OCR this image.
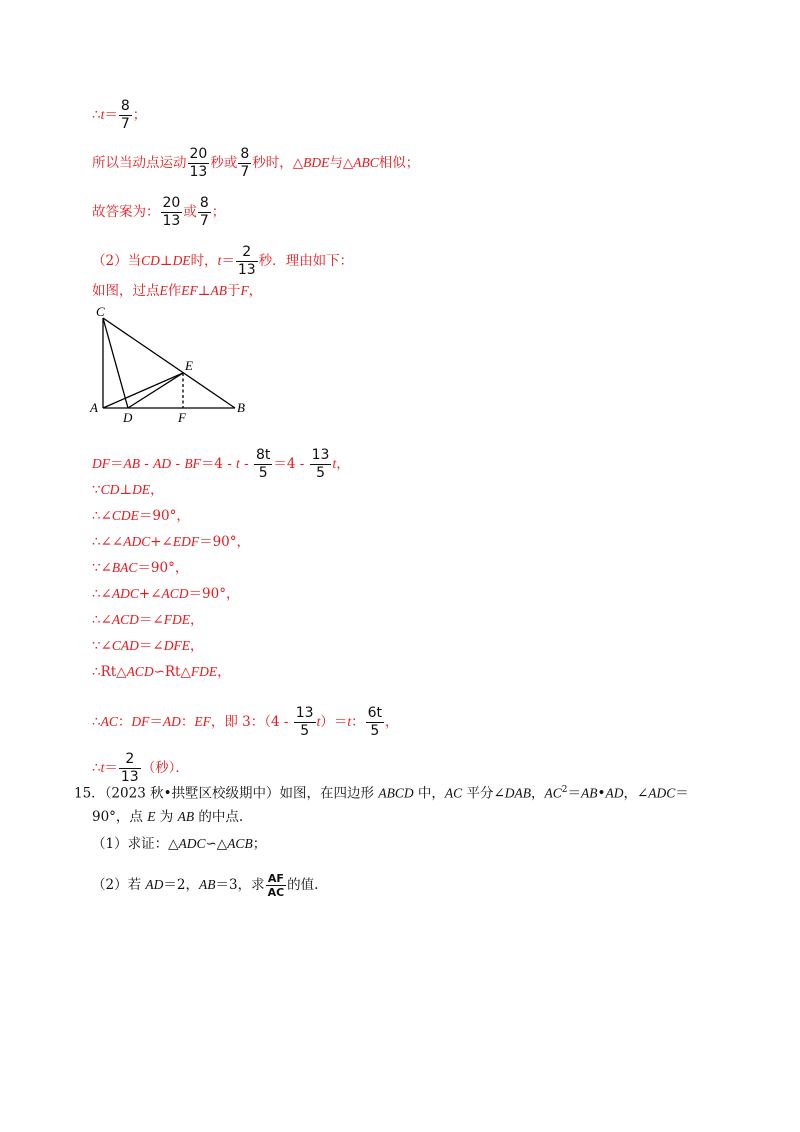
∴t＝ $\frac{8}{7}$ ；
所以当动点运动 $\frac{20}{13}$ 秒或 $\frac{8}{7}$ 秒时，△BDE与△ABC相似；
故答案为： $\frac{20}{13}$ 或 $\frac{8}{7}$ ；
（2）当CD⊥DE时，$t= \frac{2}{13}$ 秒．理由如下：
如图，过点E作EF⊥AB于F，
C
E
A
D	F
B
DF＝AB - AD - $BF=4 - t - \frac{8t}{5} =4 - \frac{13}{5}$ t，
∵CD⊥DE，
∴∠CDE＝90°，
∴∠∠ADC+∠EDF＝90°，
∵∠BAC＝90°，
∴∠ADC+∠ACD＝90°，
∴∠ACD＝∠FDE，
∵∠CAD＝∠DFE，
∴Rt△ACD∽Rt△FDE，
∴AC：DF＝AD：EF，即 3：$(4 - \frac{13}{5} t)=t$： $\frac{6t}{5}$ ，
∴t＝ $\frac{2}{13}$ （秒）．
15．（2023 秋•拱墅区校级期中）如图，在四边形 ABCD 中，AC 平分∠DAB，$AC^2=AB•AD$，∠ADC＝
90°，点 E 为 AB 的中点.
（1）求证：△ADC∽△ACB；
（2）若 AD＝2，AB＝3，求 $\frac{AF}{AC}$ 的值.
